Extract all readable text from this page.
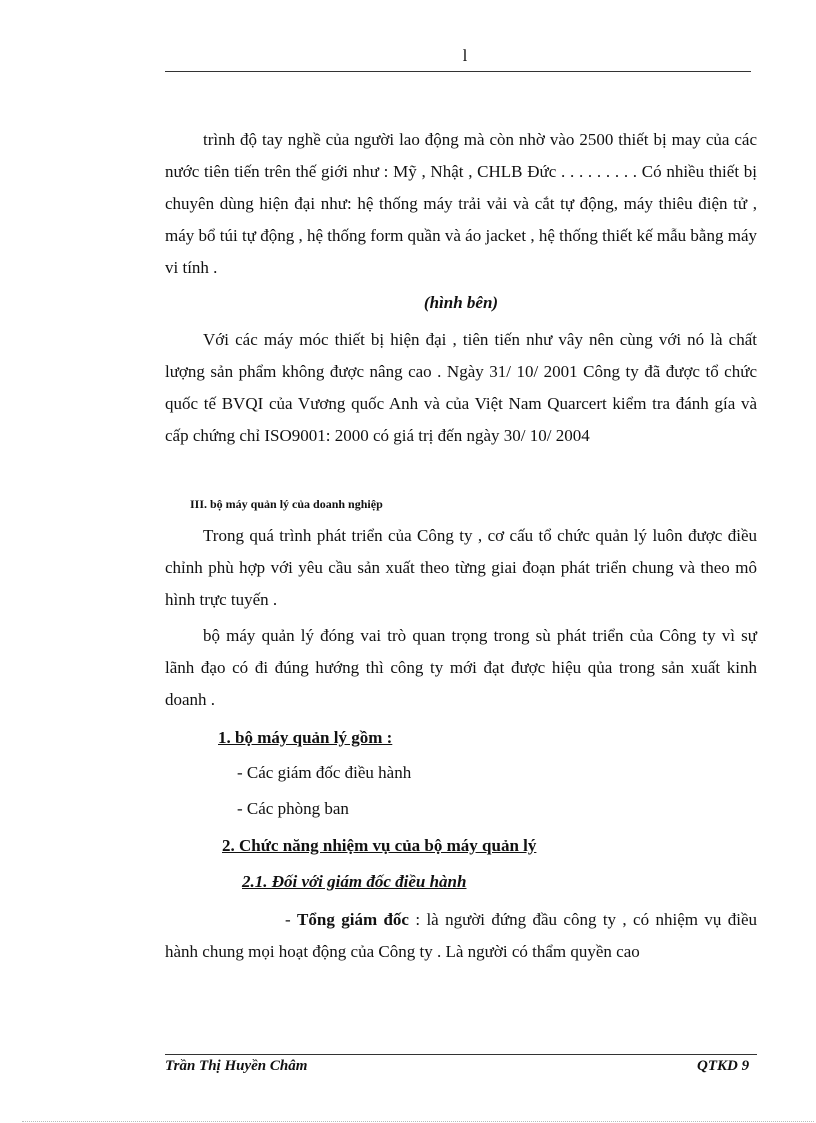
l

trình độ tay nghề của người lao động mà còn nhờ vào 2500 thiết bị may của các nước tiên tiến trên thế giới như : Mỹ , Nhật , CHLB Đức . . . . . . . . . Có nhiều thiết bị chuyên dùng hiện đại như: hệ thống máy trải vải và cắt tự động, máy thiêu điện tử , máy bổ túi tự động , hệ thống form quần và áo jacket , hệ thống thiết kế mẫu bằng máy vi tính .

(hình bên)

Với các máy móc thiết bị hiện đại , tiên tiến như vây nên cùng với nó là chất lượng sản phẩm không được nâng cao . Ngày 31/ 10/ 2001 Công ty đã được tổ chức quốc tế BVQI của Vương quốc Anh và của Việt Nam Quarcert kiểm tra đánh gía và cấp chứng chỉ ISO9001: 2000 có giá trị đến ngày 30/ 10/ 2004

III. bộ máy quản lý của doanh nghiệp

Trong quá trình phát triển của Công ty , cơ cấu tổ chức quản lý luôn được điều chỉnh phù hợp với yêu cầu sản xuất theo từng giai đoạn phát triển chung và theo mô hình trực tuyến .

bộ máy quản lý đóng vai trò quan trọng trong sù phát triển của Công ty vì sự lãnh đạo có đi đúng hướng thì công ty mới đạt được hiệu qủa trong sản xuất kinh doanh .

1. bộ máy quản lý gồm :
- Các giám đốc điều hành
- Các phòng ban
2. Chức năng nhiệm vụ của bộ máy quản lý
2.1. Đối với giám đốc điều hành

- Tổng giám đốc : là người đứng đầu công ty , có nhiệm vụ điều hành chung mọi hoạt động của Công ty . Là người có thẩm quyền cao

Trần Thị Huyền Châm	QTKD 9
